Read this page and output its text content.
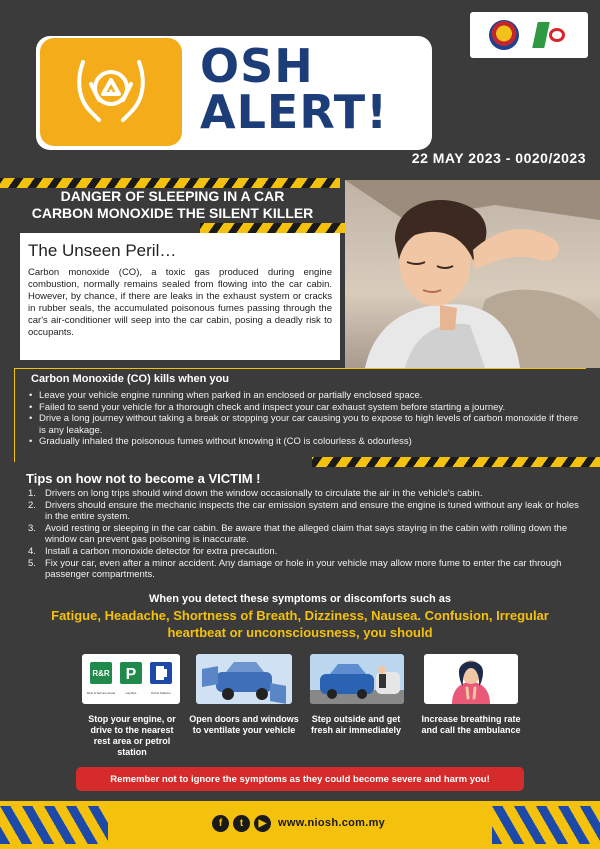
OSH
ALERT!
22 MAY 2023 - 0020/2023
DANGER OF SLEEPING IN A CAR
CARBON MONOXIDE THE SILENT KILLER
The Unseen Peril…

Carbon monoxide (CO), a toxic gas produced during engine combustion, normally remains sealed from flowing into the car cabin. However, by chance, if there are leaks in the exhaust system or cracks in rubber seals, the accumulated poisonous fumes passing through the car's air-conditioner will seep into the car cabin, posing a deadly risk to occupants.

Carbon Monoxide (CO) kills when you
• Leave your vehicle engine running when parked in an enclosed or partially enclosed space.
• Failed to send your vehicle for a thorough check and inspect your car exhaust system before starting a journey.
• Drive a long journey without taking a break or stopping your car causing you to expose to high levels of carbon monoxide if there is any leakage.
• Gradually inhaled the poisonous fumes without knowing it (CO is colourless & odourless)
Tips on how not to become a VICTIM !
1. Drivers on long trips should wind down the window occasionally to circulate the air in the vehicle's cabin.
2. Drivers should ensure the mechanic inspects the car emission system and ensure the engine is tuned without any leak or holes in the entire system.
3. Avoid resting or sleeping in the car cabin. Be aware that the alleged claim that says staying in the cabin with rolling down the window can prevent gas poisoning is inaccurate.
4. Install a carbon monoxide detector for extra precaution.
5. Fix your car, even after a minor accident. Any damage or hole in your vehicle may allow more fume to enter the car through passenger compartments.
When you detect these symptoms or discomforts such as
Fatigue, Headache, Shortness of Breath, Dizziness, Nausea. Confusion, Irregular heartbeat or unconsciousness, you should
R&R P
Rest & Service Areas	Lay-Bys	Petrol Stations
Stop your engine, or drive to the nearest rest area or petrol station
Open doors and windows to ventilate your vehicle
Step outside and get fresh air immediately
Increase breathing rate and call the ambulance
Remember not to ignore the symptoms as they could become severe and harm you!
f	t	▶	www.niosh.com.my
